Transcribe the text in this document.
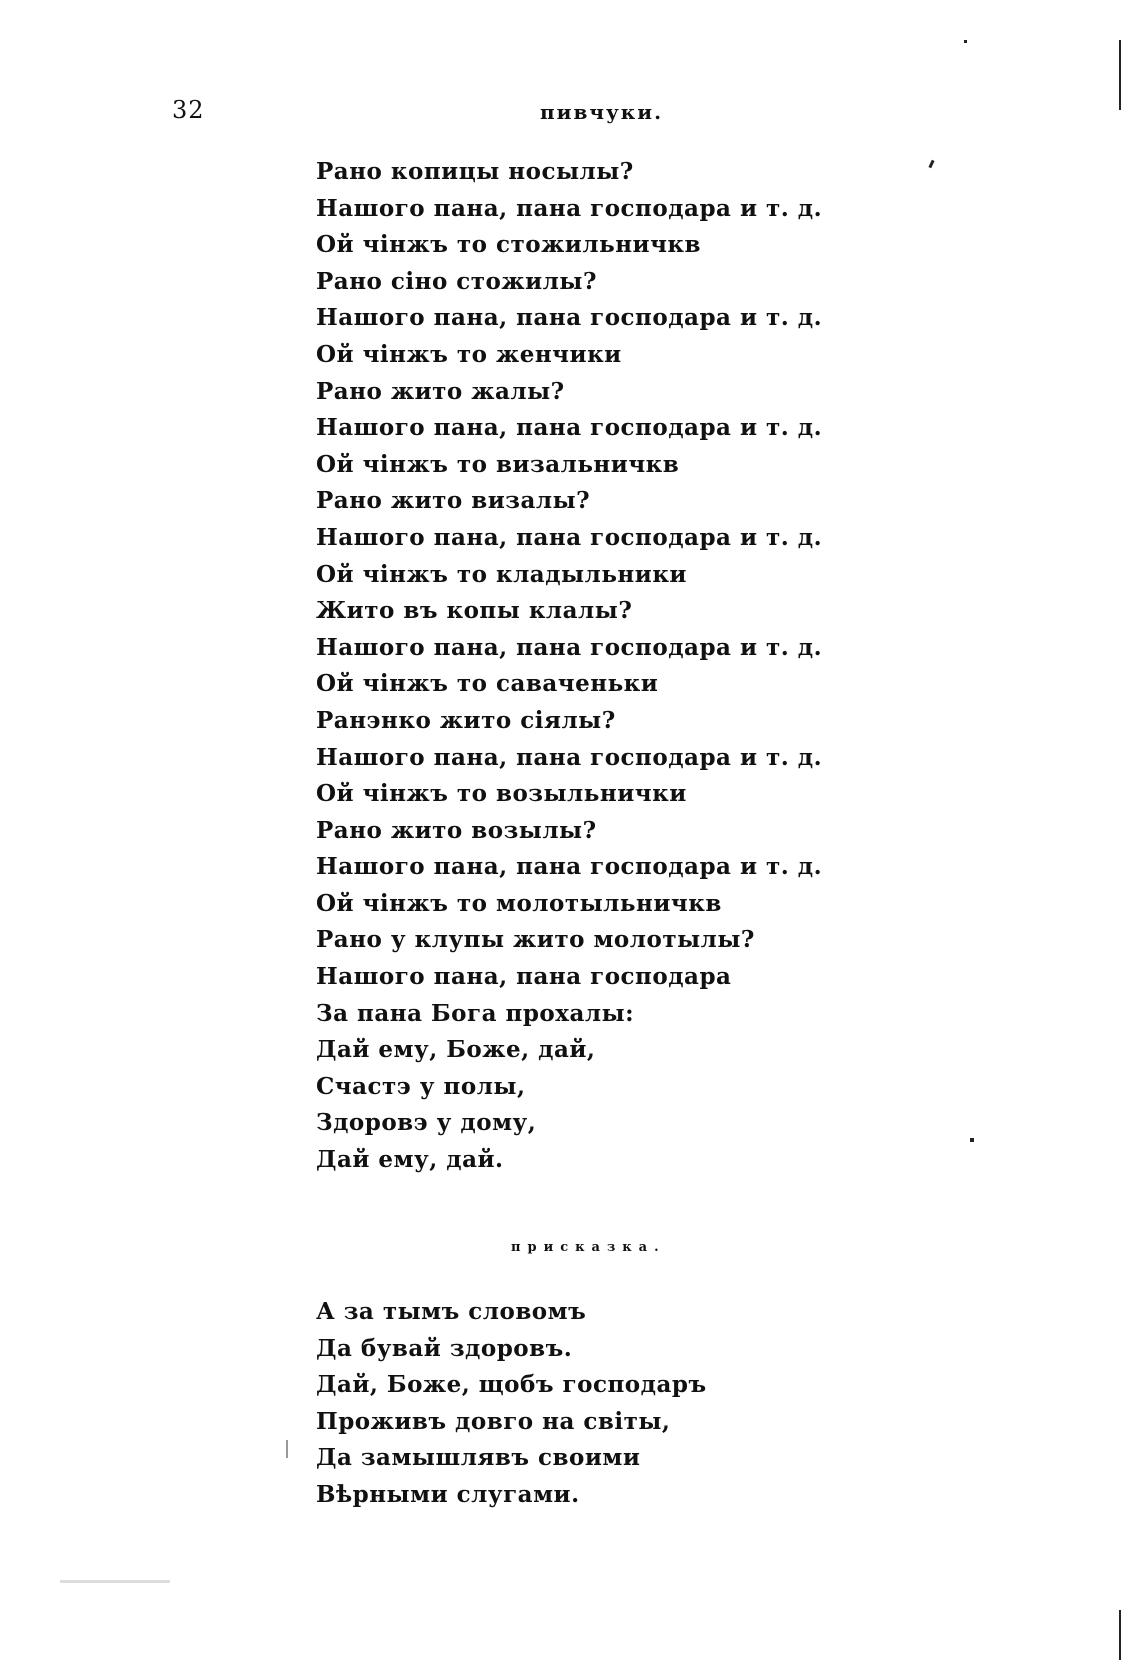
32	пивчуки.
Рано копицы носылы?
Нашого пана, пана господара и т. д.
Ой чiнжъ то стожильничкв
Рано сiно стожилы?
Нашого пана, пана господара и т. д.
Ой чiнжъ то женчики
Рано жито жалы?
Нашого пана, пана господара и т. д.
Ой чiнжъ то визальничкв
Рано жито визалы?
Нашого пана, пана господара и т. д.
Ой чiнжъ то кладыльники
Жито въ копы клалы?
Нашого пана, пана господара и т. д.
Ой чiнжъ то саваченьки
Ранэнко жито сiялы?
Нашого пана, пана господара и т. д.
Ой чiнжъ то возыльнички
Рано жито возылы?
Нашого пана, пана господара и т. д.
Ой чiнжъ то молотыльничкв
Рано у клупы жито молотылы?
Нашого пана, пана господара
За пана Бога прохалы:
Дай ему, Боже, дай,
Счастэ у полы,
Здоровэ у дому,
Дай ему, дай.
присказка.
А за тымъ словомъ
Да бувай здоровъ.
Дай, Боже, щобъ господаръ
Проживъ довго на свiты,
Да замышлявъ своими
Вѣрными слугами.
